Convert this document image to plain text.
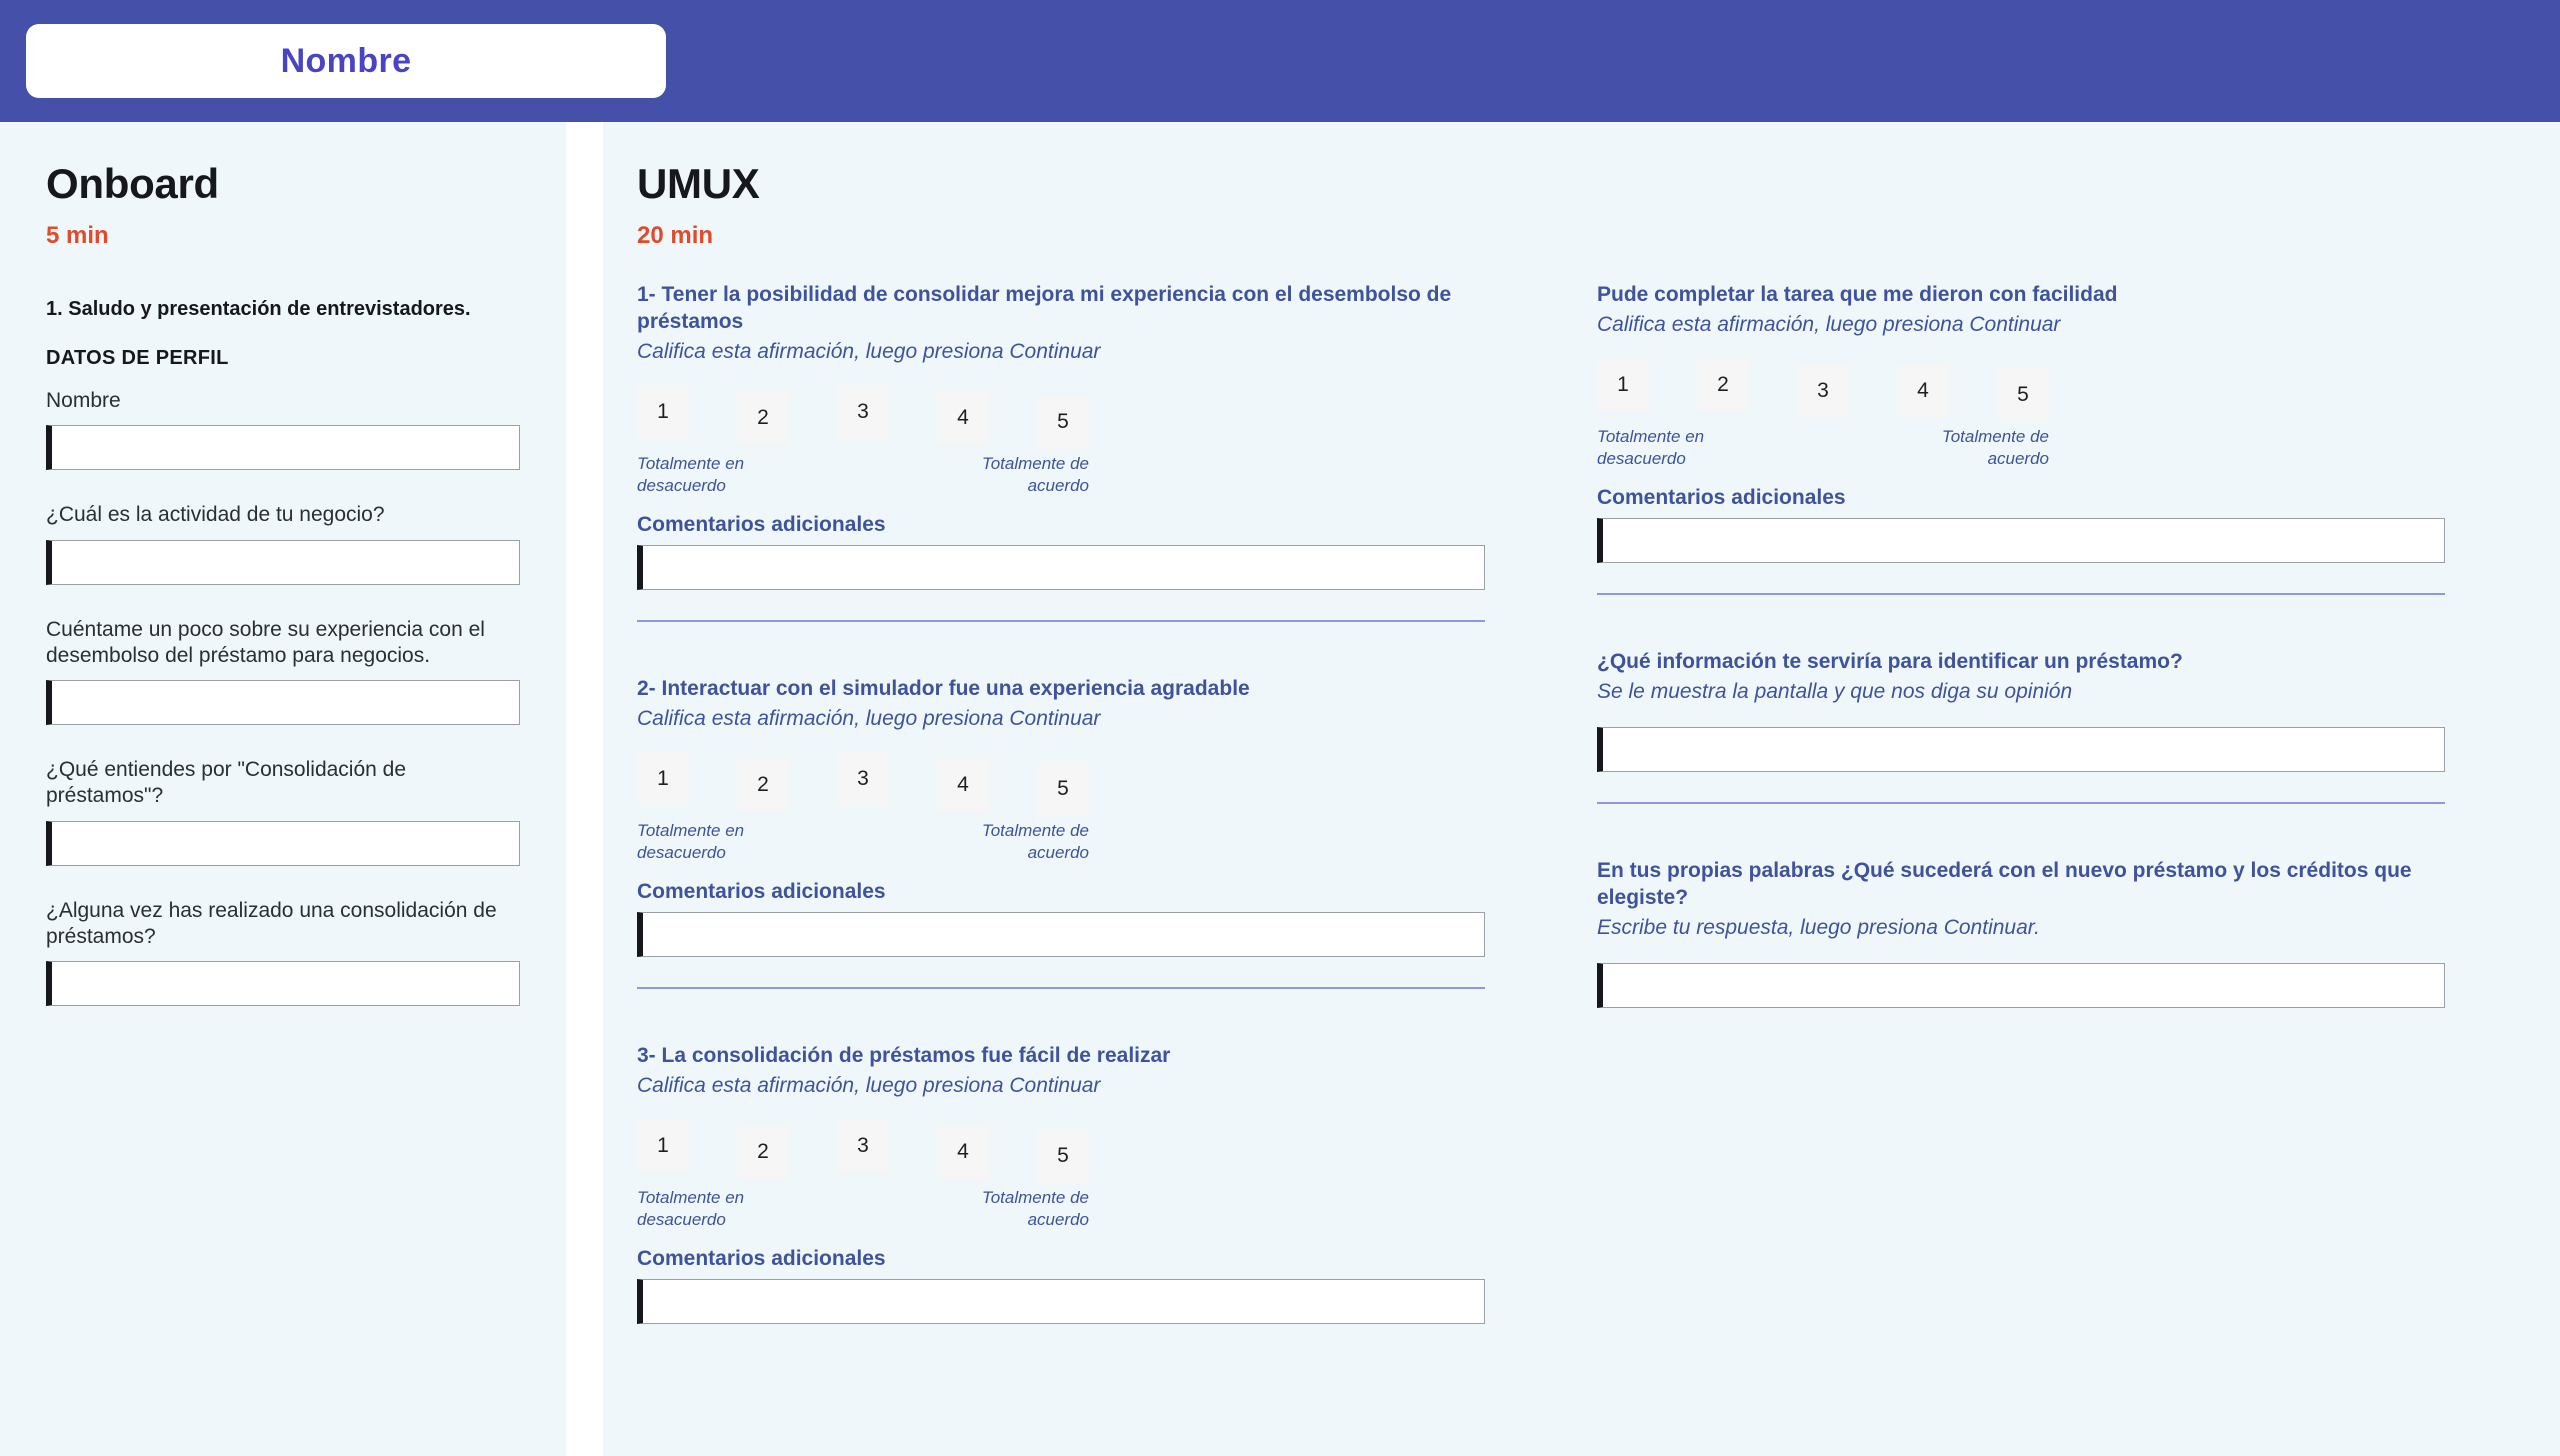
Nombre
Onboard
5 min
1. Saludo y presentación de entrevistadores.
DATOS DE PERFIL
Nombre
¿Cuál es la actividad de tu negocio?
Cuéntame un poco sobre su experiencia con el desembolso del préstamo para negocios.
¿Qué entiendes por "Consolidación de préstamos"?
¿Alguna vez has realizado una consolidación de préstamos?
UMUX
20 min
1- Tener la posibilidad de consolidar mejora mi experiencia con el desembolso de préstamos
Califica esta afirmación, luego presiona Continuar
1	2	3	4	5
Totalmente en desacuerdo
Totalmente de acuerdo
Comentarios adicionales
2- Interactuar con el simulador fue una experiencia agradable
Califica esta afirmación, luego presiona Continuar
1	2	3	4	5
Totalmente en desacuerdo
Totalmente de acuerdo
Comentarios adicionales
3- La consolidación de préstamos fue fácil de realizar
Califica esta afirmación, luego presiona Continuar
1	2	3	4	5
Totalmente en desacuerdo
Totalmente de acuerdo
Comentarios adicionales
Pude completar la tarea que me dieron con facilidad
Califica esta afirmación, luego presiona Continuar
1	2	3	4	5
Totalmente en desacuerdo
Totalmente de acuerdo
Comentarios adicionales
¿Qué información te serviría para identificar un préstamo?
Se le muestra la pantalla y que nos diga su opinión
En tus propias palabras ¿Qué sucederá con el nuevo préstamo y los créditos que elegiste?
Escribe tu respuesta, luego presiona Continuar.
